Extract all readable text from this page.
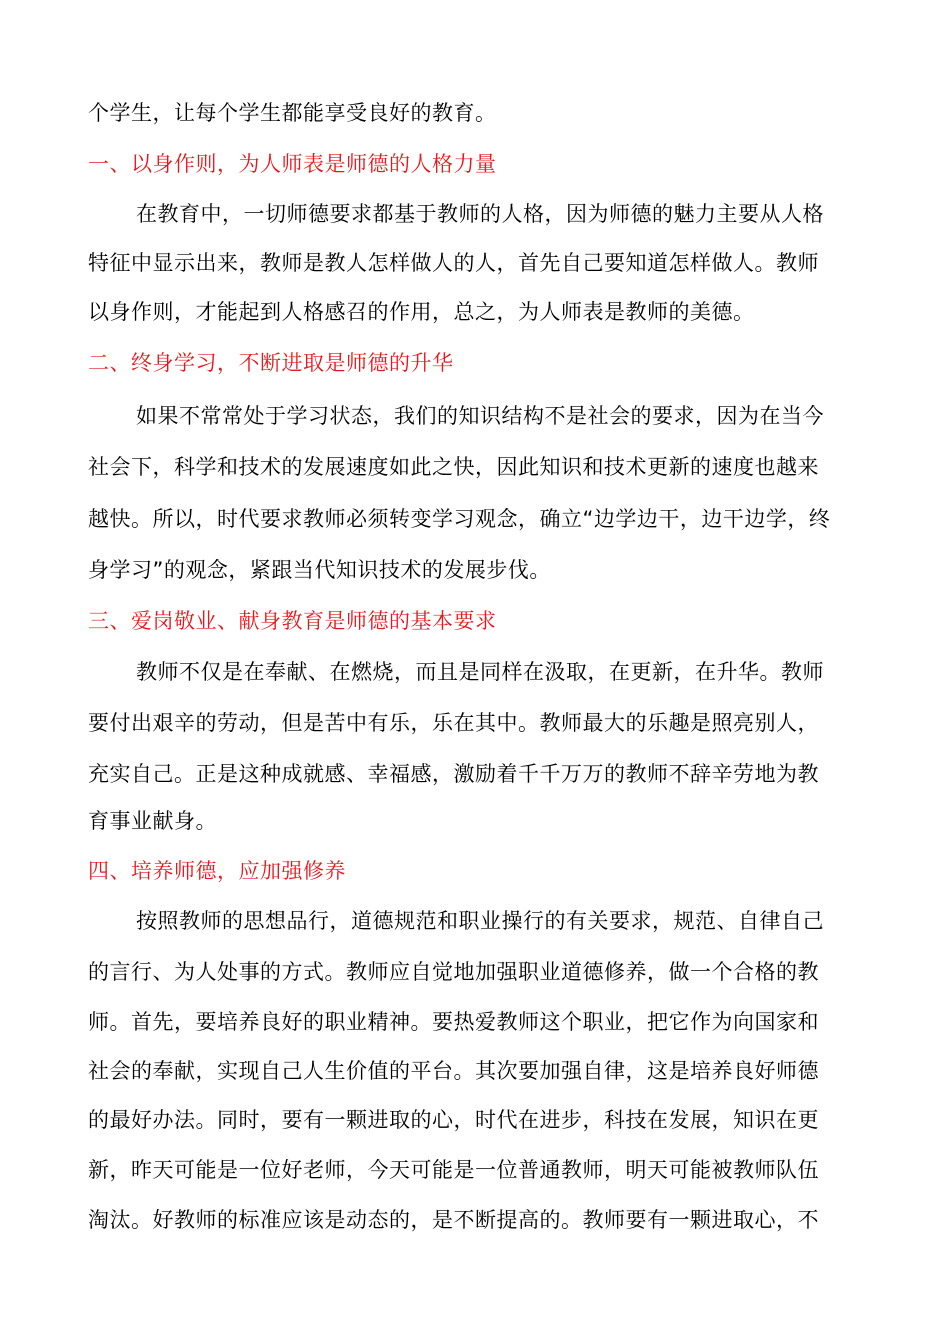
个学生，让每个学生都能享受良好的教育。
一、以身作则，为人师表是师德的人格力量
在教育中，一切师德要求都基于教师的人格，因为师德的魅力主要从人格
特征中显示出来，教师是教人怎样做人的人，首先自己要知道怎样做人。教师
以身作则，才能起到人格感召的作用，总之，为人师表是教师的美德。
二、终身学习，不断进取是师德的升华
如果不常常处于学习状态，我们的知识结构不是社会的要求，因为在当今
社会下，科学和技术的发展速度如此之快，因此知识和技术更新的速度也越来
越快。所以，时代要求教师必须转变学习观念，确立“边学边干，边干边学，终
身学习”的观念，紧跟当代知识技术的发展步伐。
三、爱岗敬业、献身教育是师德的基本要求
教师不仅是在奉献、在燃烧，而且是同样在汲取，在更新，在升华。教师
要付出艰辛的劳动，但是苦中有乐，乐在其中。教师最大的乐趣是照亮别人，
充实自己。正是这种成就感、幸福感，激励着千千万万的教师不辞辛劳地为教
育事业献身。
四、培养师德，应加强修养
按照教师的思想品行，道德规范和职业操行的有关要求，规范、自律自己
的言行、为人处事的方式。教师应自觉地加强职业道德修养，做一个合格的教
师。首先，要培养良好的职业精神。要热爱教师这个职业，把它作为向国家和
社会的奉献，实现自己人生价值的平台。其次要加强自律，这是培养良好师德
的最好办法。同时，要有一颗进取的心，时代在进步，科技在发展，知识在更
新，昨天可能是一位好老师，今天可能是一位普通教师，明天可能被教师队伍
淘汰。好教师的标准应该是动态的，是不断提高的。教师要有一颗进取心，不
